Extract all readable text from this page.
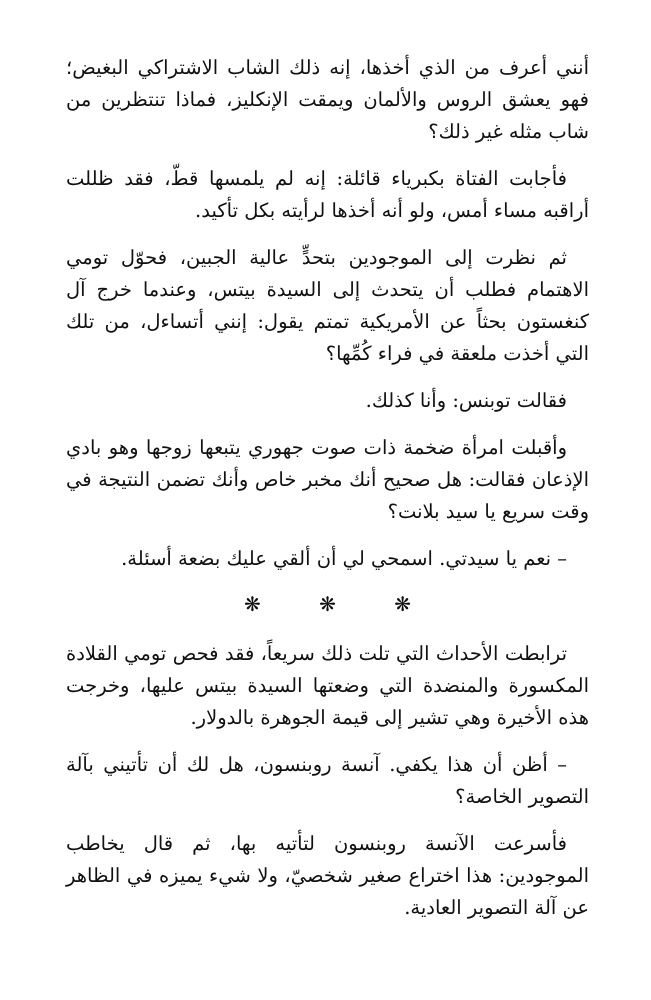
أنني أعرف من الذي أخذها، إنه ذلك الشاب الاشتراكي البغيض؛ فهو يعشق الروس والألمان ويمقت الإنكليز، فماذا تنتظرين من شاب مثله غير ذلك؟

فأجابت الفتاة بكبرياء قائلة: إنه لم يلمسها قطّ، فقد ظللت أراقبه مساء أمس، ولو أنه أخذها لرأيته بكل تأكيد.

ثم نظرت إلى الموجودين بتحدٍّ عالية الجبين، فحوّل تومي الاهتمام فطلب أن يتحدث إلى السيدة بيتس، وعندما خرج آل كنغستون بحثاً عن الأمريكية تمتم يقول: إنني أتساءل، من تلك التي أخذت ملعقة في فراء كُمِّها؟

فقالت توبنس: وأنا كذلك.

وأقبلت امرأة ضخمة ذات صوت جهوري يتبعها زوجها وهو بادي الإذعان فقالت: هل صحيح أنك مخبر خاص وأنك تضمن النتيجة في وقت سريع يا سيد بلانت؟

– نعم يا سيدتي. اسمحي لي أن ألقي عليك بضعة أسئلة.

❋ ❋ ❋

ترابطت الأحداث التي تلت ذلك سريعاً، فقد فحص تومي القلادة المكسورة والمنضدة التي وضعتها السيدة بيتس عليها، وخرجت هذه الأخيرة وهي تشير إلى قيمة الجوهرة بالدولار.

– أظن أن هذا يكفي. آنسة روبنسون، هل لك أن تأتيني بآلة التصوير الخاصة؟

فأسرعت الآنسة روبنسون لتأتيه بها، ثم قال يخاطب الموجودين: هذا اختراع صغير شخصيّ، ولا شيء يميزه في الظاهر عن آلة التصوير العادية.
